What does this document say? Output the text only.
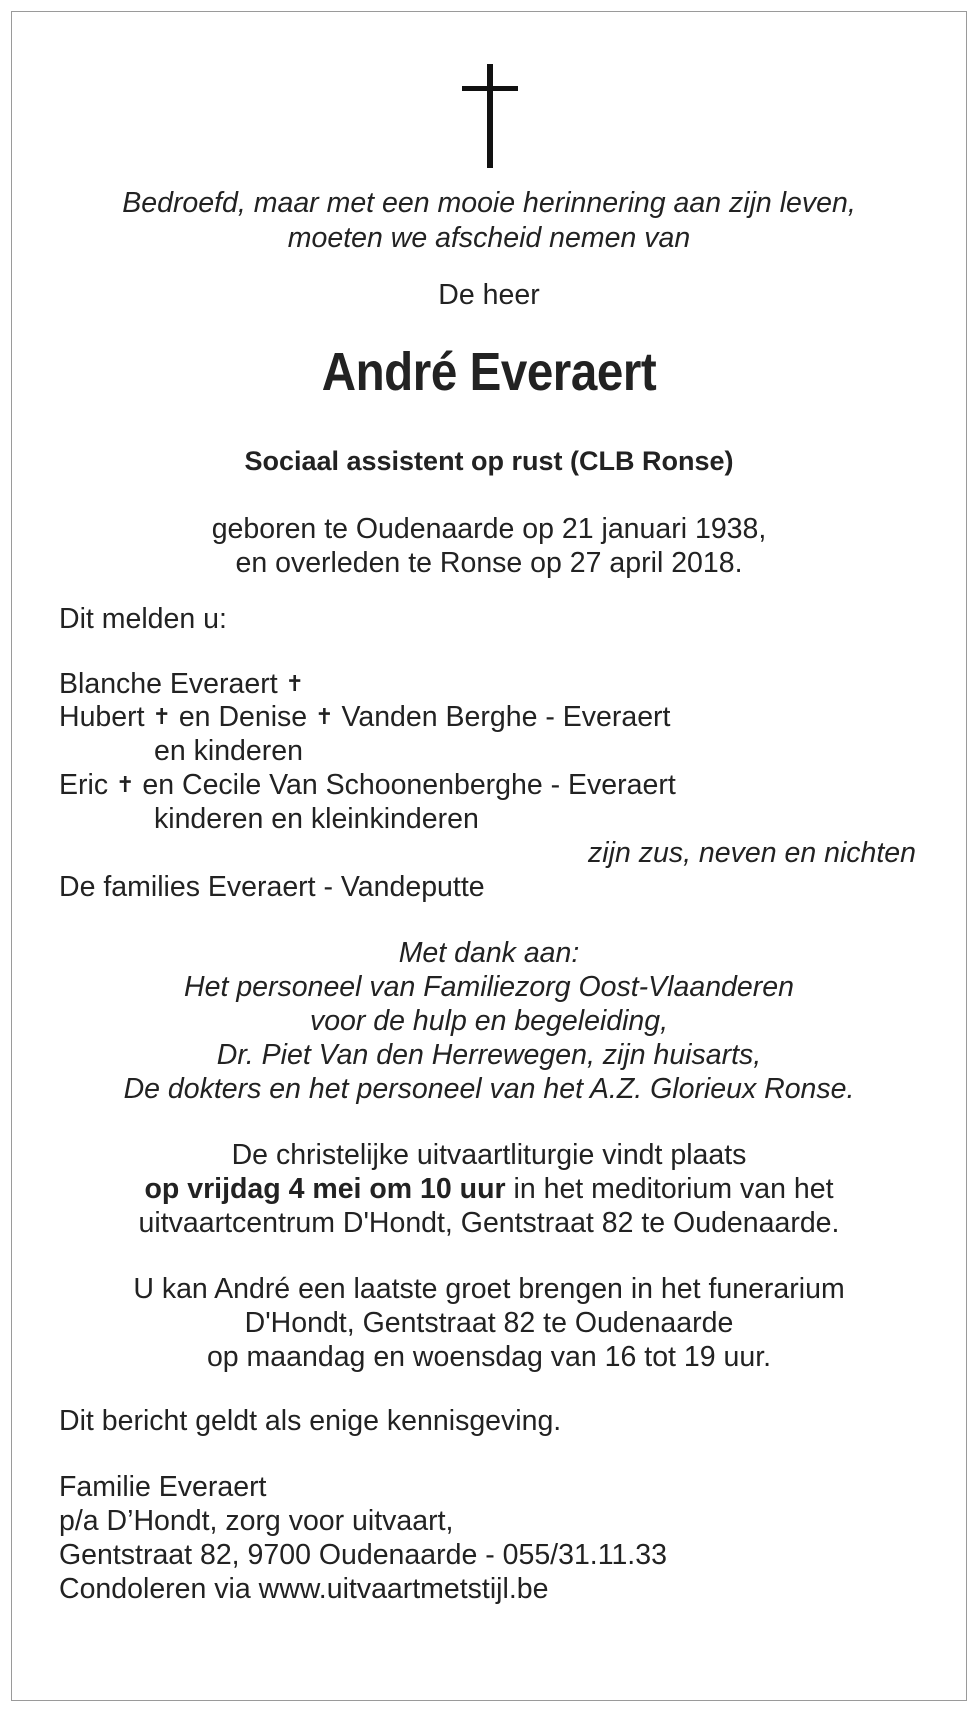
Bedroefd, maar met een mooie herinnering aan zijn leven,
moeten we afscheid nemen van
De heer
André Everaert
Sociaal assistent op rust (CLB Ronse)
geboren te Oudenaarde op 21 januari 1938,
en overleden te Ronse op 27 april 2018.
Dit melden u:
Blanche Everaert ✝
Hubert ✝ en Denise ✝ Vanden Berghe - Everaert
en kinderen
Eric ✝ en Cecile Van Schoonenberghe - Everaert
kinderen en kleinkinderen
zijn zus, neven en nichten
De families Everaert - Vandeputte
Met dank aan:
Het personeel van Familiezorg Oost-Vlaanderen
voor de hulp en begeleiding,
Dr. Piet Van den Herrewegen, zijn huisarts,
De dokters en het personeel van het A.Z. Glorieux Ronse.
De christelijke uitvaartliturgie vindt plaats
op vrijdag 4 mei om 10 uur in het meditorium van het
uitvaartcentrum D'Hondt, Gentstraat 82 te Oudenaarde.
U kan André een laatste groet brengen in het funerarium
D'Hondt, Gentstraat 82 te Oudenaarde
op maandag en woensdag van 16 tot 19 uur.
Dit bericht geldt als enige kennisgeving.
Familie Everaert
p/a D’Hondt, zorg voor uitvaart,
Gentstraat 82, 9700 Oudenaarde - 055/31.11.33
Condoleren via www.uitvaartmetstijl.be
